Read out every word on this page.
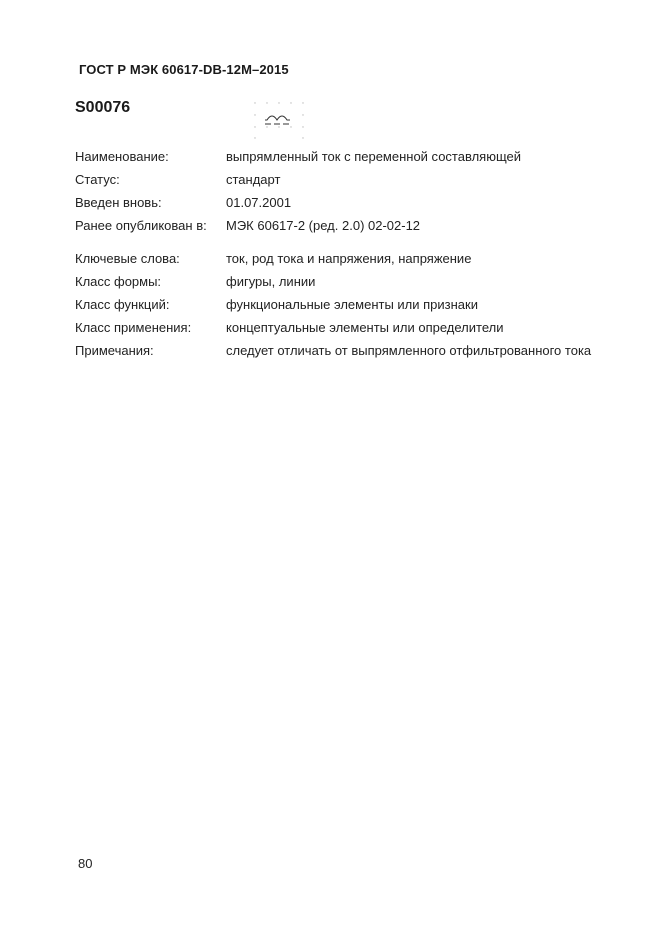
ГОСТ Р МЭК 60617-DB-12M–2015
S00076
Наименование:	выпрямленный ток с переменной составляющей
Статус:	стандарт
Введен вновь:	01.07.2001
Ранее опубликован в:	МЭК 60617-2 (ред. 2.0) 02-02-12
Ключевые слова:	ток, род тока и напряжения, напряжение
Класс формы:	фигуры, линии
Класс функций:	функциональные элементы или признаки
Класс применения:	концептуальные элементы или определители
Примечания:	следует отличать от выпрямленного отфильтрованного тока
80
